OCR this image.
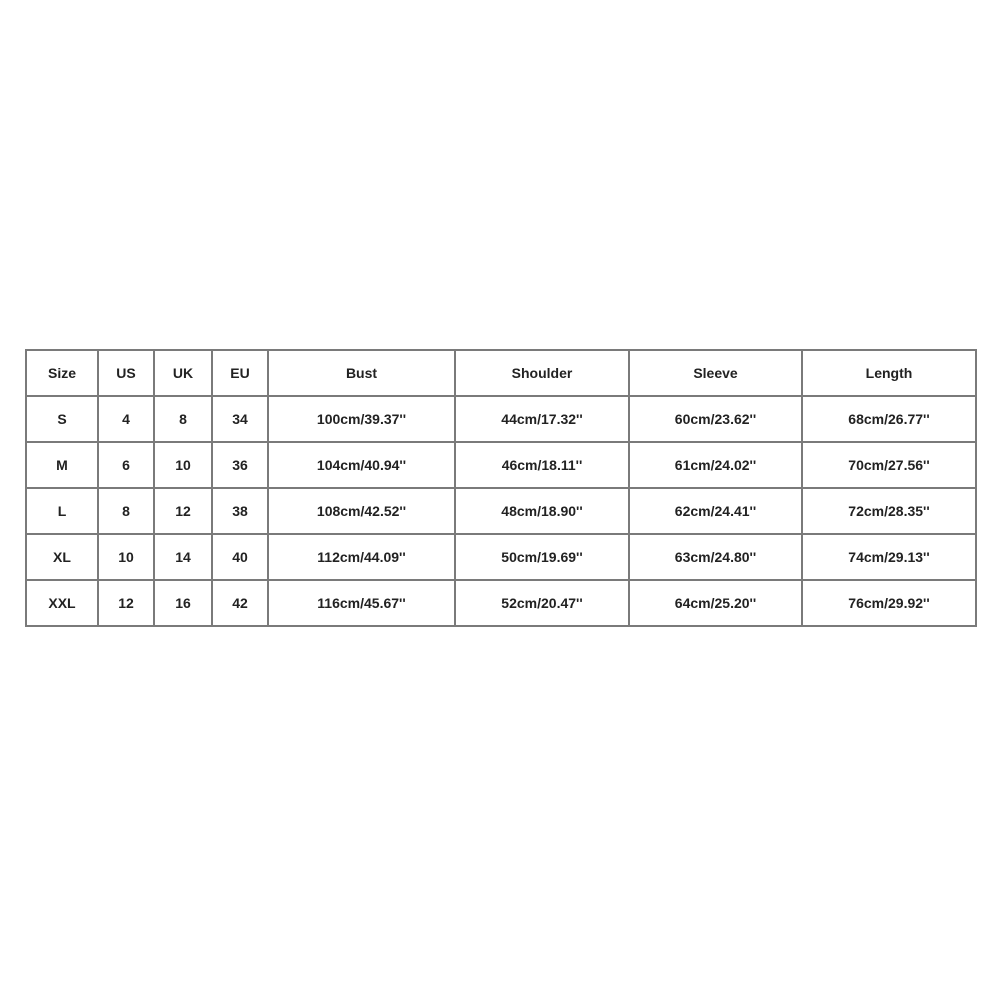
Size	US	UK	EU	Bust	Shoulder	Sleeve	Length
S	4	8	34	100cm/39.37''	44cm/17.32''	60cm/23.62''	68cm/26.77''
M	6	10	36	104cm/40.94''	46cm/18.11''	61cm/24.02''	70cm/27.56''
L	8	12	38	108cm/42.52''	48cm/18.90''	62cm/24.41''	72cm/28.35''
XL	10	14	40	112cm/44.09''	50cm/19.69''	63cm/24.80''	74cm/29.13''
XXL	12	16	42	116cm/45.67''	52cm/20.47''	64cm/25.20''	76cm/29.92''
